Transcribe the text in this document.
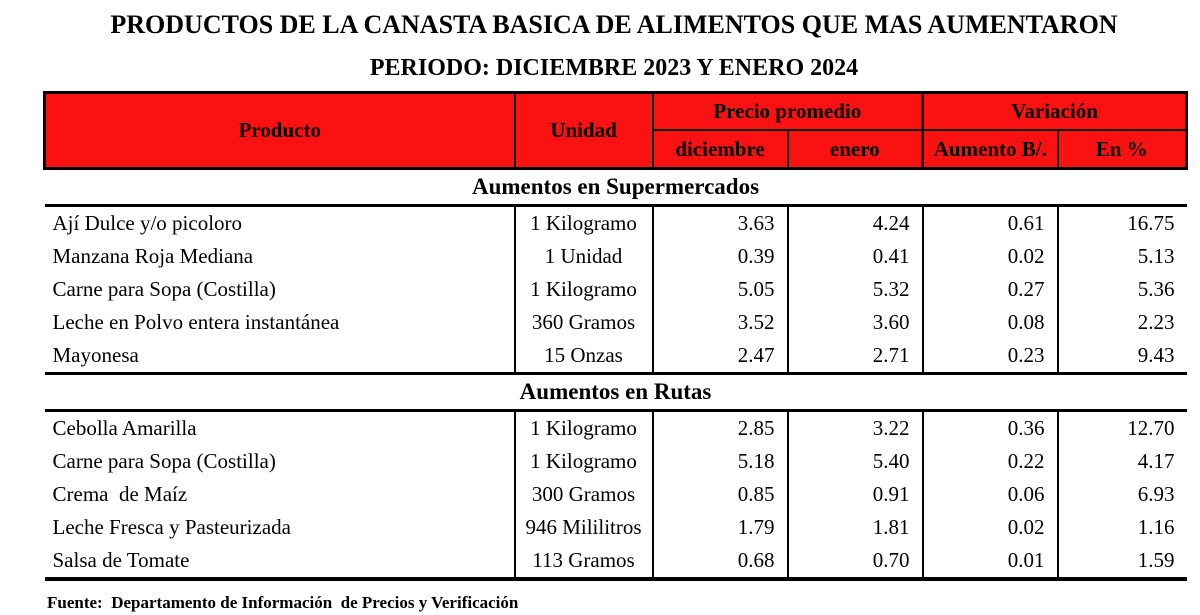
PRODUCTOS DE LA CANASTA BASICA DE ALIMENTOS QUE MAS AUMENTARON
PERIODO: DICIEMBRE 2023 Y ENERO 2024
Producto	Unidad	Precio promedio		Variación	
		diciembre	enero	Aumento B/.	En %
Aumentos en Supermercados					
Ají Dulce y/o picoloro	1 Kilogramo	3.63	4.24	0.61	16.75
Manzana Roja Mediana	1 Unidad	0.39	0.41	0.02	5.13
Carne para Sopa (Costilla)	1 Kilogramo	5.05	5.32	0.27	5.36
Leche en Polvo entera instantánea	360 Gramos	3.52	3.60	0.08	2.23
Mayonesa	15 Onzas	2.47	2.71	0.23	9.43
Aumentos en Rutas					
Cebolla Amarilla	1 Kilogramo	2.85	3.22	0.36	12.70
Carne para Sopa (Costilla)	1 Kilogramo	5.18	5.40	0.22	4.17
Crema  de Maíz	300 Gramos	0.85	0.91	0.06	6.93
Leche Fresca y Pasteurizada	946 Mililitros	1.79	1.81	0.02	1.16
Salsa de Tomate	113 Gramos	0.68	0.70	0.01	1.59
Fuente:  Departamento de Información  de Precios y Verificación
